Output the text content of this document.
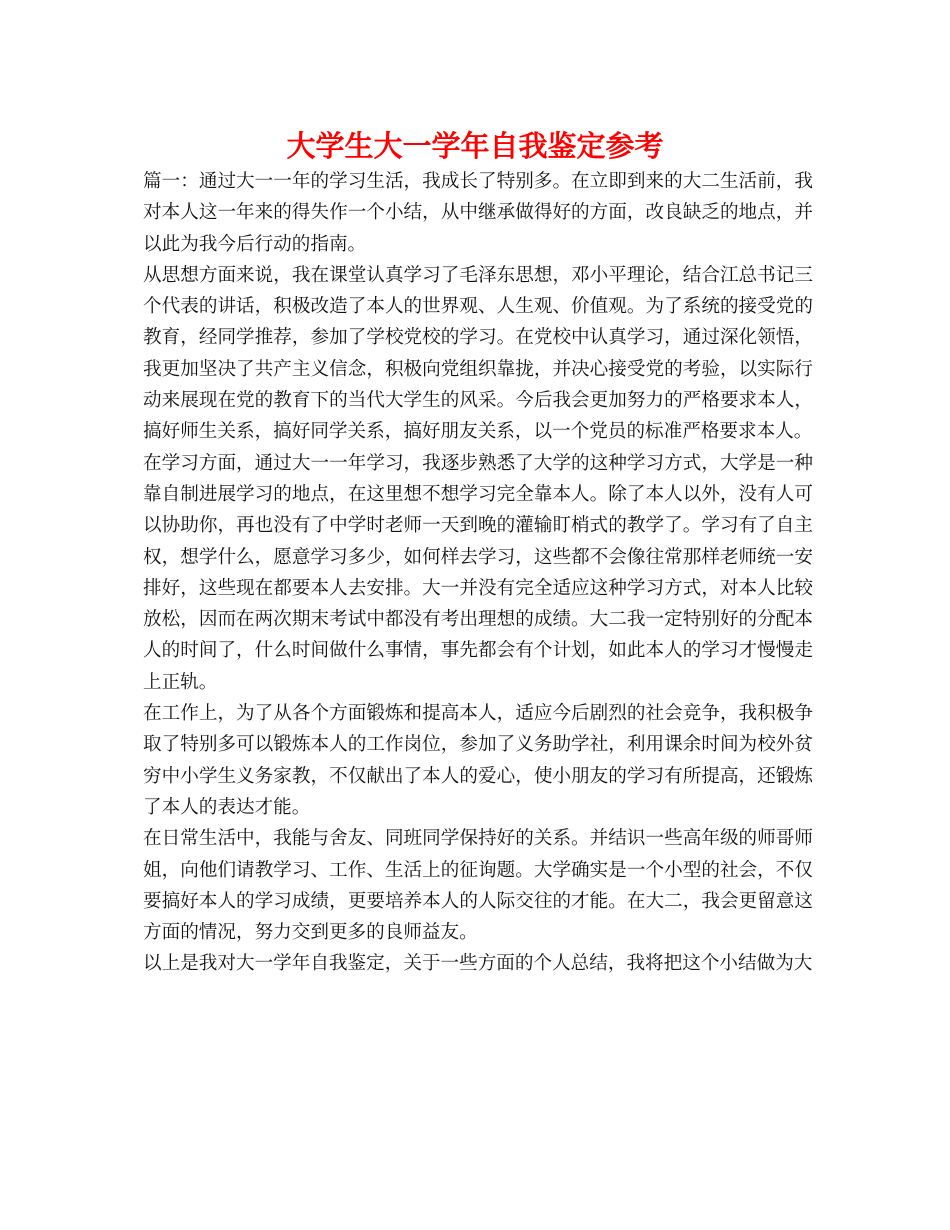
大学生大一学年自我鉴定参考

篇一：通过大一一年的学习生活，我成长了特别多。在立即到来的大二生活前，我对本人这一年来的得失作一个小结，从中继承做得好的方面，改良缺乏的地点，并以此为我今后行动的指南。

从思想方面来说，我在课堂认真学习了毛泽东思想，邓小平理论，结合江总书记三个代表的讲话，积极改造了本人的世界观、人生观、价值观。为了系统的接受党的教育，经同学推荐，参加了学校党校的学习。在党校中认真学习，通过深化领悟，我更加坚决了共产主义信念，积极向党组织靠拢，并决心接受党的考验，以实际行动来展现在党的教育下的当代大学生的风采。今后我会更加努力的严格要求本人，搞好师生关系，搞好同学关系，搞好朋友关系，以一个党员的标准严格要求本人。

在学习方面，通过大一一年学习，我逐步熟悉了大学的这种学习方式，大学是一种靠自制进展学习的地点，在这里想不想学习完全靠本人。除了本人以外，没有人可以协助你，再也没有了中学时老师一天到晚的灌输盯梢式的教学了。学习有了自主权，想学什么，愿意学习多少，如何样去学习，这些都不会像往常那样老师统一安排好，这些现在都要本人去安排。大一并没有完全适应这种学习方式，对本人比较放松，因而在两次期末考试中都没有考出理想的成绩。大二我一定特别好的分配本人的时间了，什么时间做什么事情，事先都会有个计划，如此本人的学习才慢慢走上正轨。

在工作上，为了从各个方面锻炼和提高本人，适应今后剧烈的社会竞争，我积极争取了特别多可以锻炼本人的工作岗位，参加了义务助学社，利用课余时间为校外贫穷中小学生义务家教，不仅献出了本人的爱心，使小朋友的学习有所提高，还锻炼了本人的表达才能。

在日常生活中，我能与舍友、同班同学保持好的关系。并结识一些高年级的师哥师姐，向他们请教学习、工作、生活上的征询题。大学确实是一个小型的社会，不仅要搞好本人的学习成绩，更要培养本人的人际交往的才能。在大二，我会更留意这方面的情况，努力交到更多的良师益友。

以上是我对大一学年自我鉴定，关于一些方面的个人总结，我将把这个小结做为大
